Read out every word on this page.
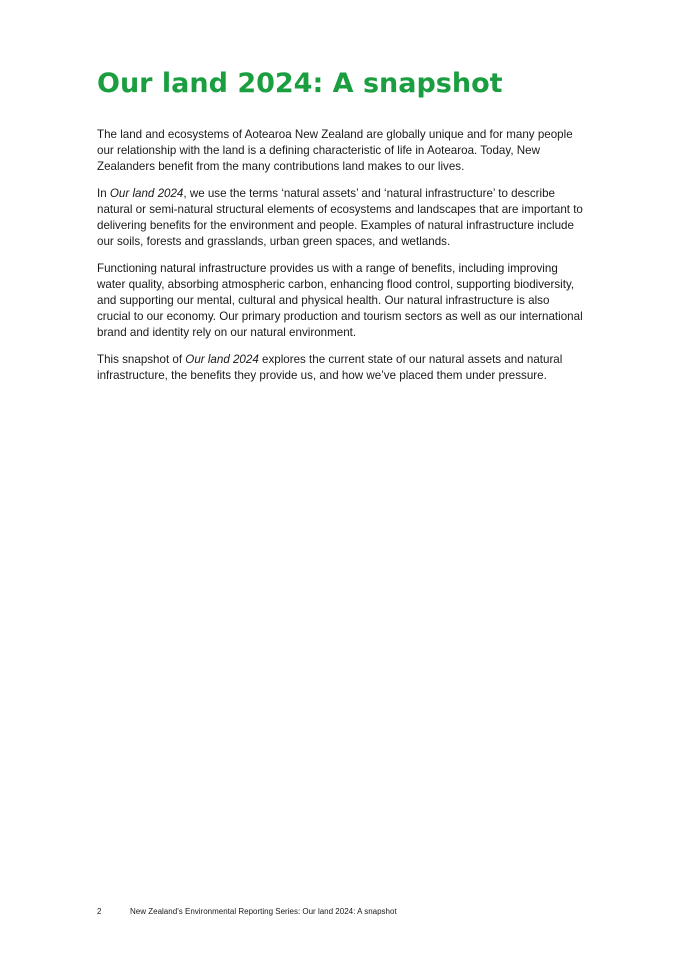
Our land 2024: A snapshot

The land and ecosystems of Aotearoa New Zealand are globally unique and for many people our relationship with the land is a defining characteristic of life in Aotearoa. Today, New Zealanders benefit from the many contributions land makes to our lives.

In Our land 2024, we use the terms ‘natural assets’ and ‘natural infrastructure’ to describe natural or semi-natural structural elements of ecosystems and landscapes that are important to delivering benefits for the environment and people. Examples of natural infrastructure include our soils, forests and grasslands, urban green spaces, and wetlands.

Functioning natural infrastructure provides us with a range of benefits, including improving water quality, absorbing atmospheric carbon, enhancing flood control, supporting biodiversity, and supporting our mental, cultural and physical health. Our natural infrastructure is also crucial to our economy. Our primary production and tourism sectors as well as our international brand and identity rely on our natural environment.

This snapshot of Our land 2024 explores the current state of our natural assets and natural infrastructure, the benefits they provide us, and how we’ve placed them under pressure.

2	New Zealand’s Environmental Reporting Series: Our land 2024: A snapshot
